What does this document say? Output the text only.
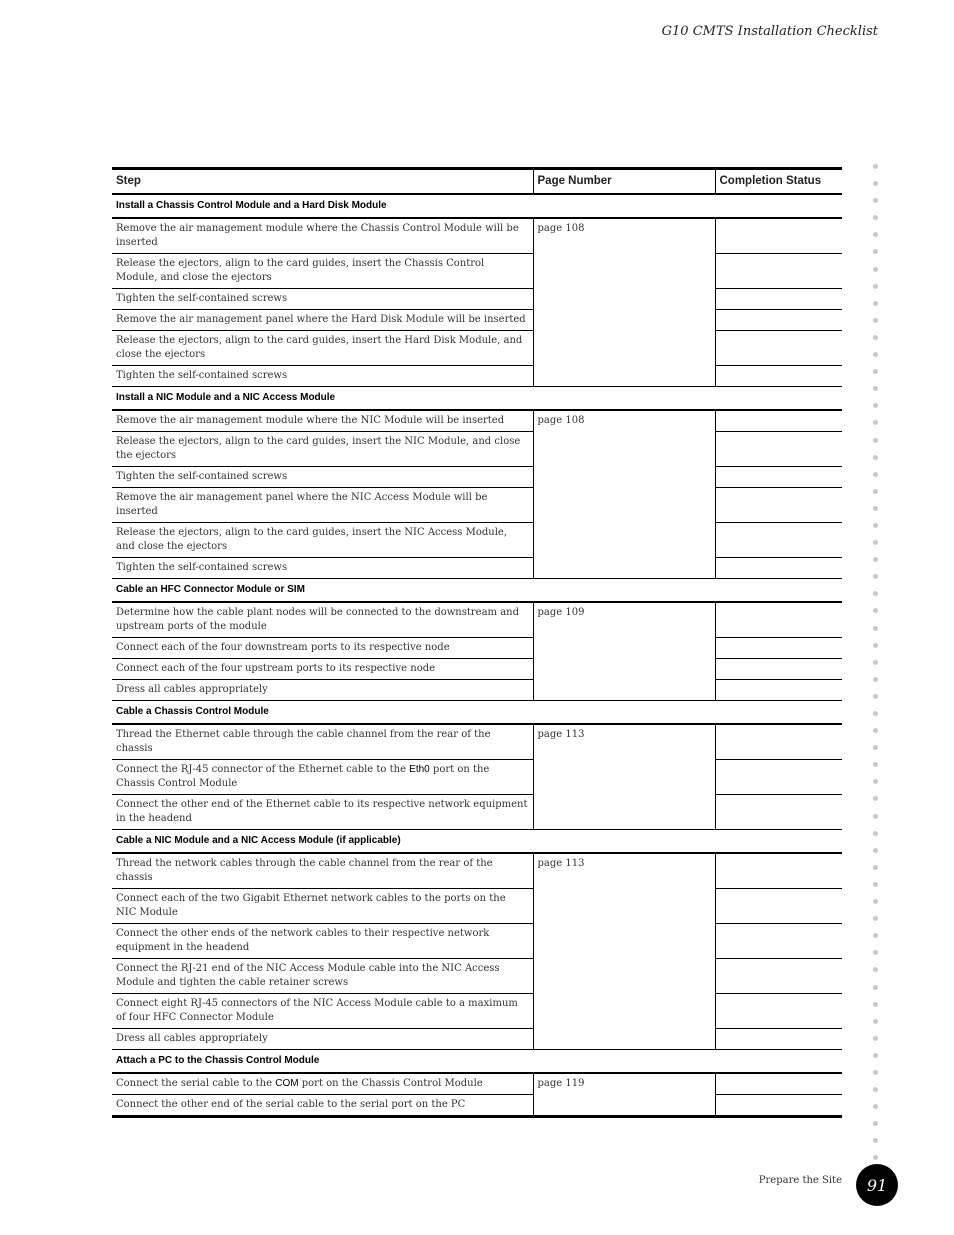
G10 CMTS Installation Checklist
Step	Page Number	Completion Status
Install a Chassis Control Module and a Hard Disk Module		
Remove the air management module where the Chassis Control Module will be inserted	page 108	
Release the ejectors, align to the card guides, insert the Chassis Control Module, and close the ejectors		
Tighten the self-contained screws		
Remove the air management panel where the Hard Disk Module will be inserted		
Release the ejectors, align to the card guides, insert the Hard Disk Module, and close the ejectors		
Tighten the self-contained screws		
Install a NIC Module and a NIC Access Module		
Remove the air management module where the NIC Module will be inserted	page 108	
Release the ejectors, align to the card guides, insert the NIC Module, and close the ejectors		
Tighten the self-contained screws		
Remove the air management panel where the NIC Access Module will be inserted		
Release the ejectors, align to the card guides, insert the NIC Access Module, and close the ejectors		
Tighten the self-contained screws		
Cable an HFC Connector Module or SIM		
Determine how the cable plant nodes will be connected to the downstream and upstream ports of the module	page 109	
Connect each of the four downstream ports to its respective node		
Connect each of the four upstream ports to its respective node		
Dress all cables appropriately		
Cable a Chassis Control Module		
Thread the Ethernet cable through the cable channel from the rear of the chassis	page 113	
Connect the RJ-45 connector of the Ethernet cable to the Eth0 port on the Chassis Control Module		
Connect the other end of the Ethernet cable to its respective network equipment in the headend		
Cable a NIC Module and a NIC Access Module (if applicable)		
Thread the network cables through the cable channel from the rear of the chassis	page 113	
Connect each of the two Gigabit Ethernet network cables to the ports on the NIC Module		
Connect the other ends of the network cables to their respective network equipment in the headend		
Connect the RJ-21 end of the NIC Access Module cable into the NIC Access Module and tighten the cable retainer screws		
Connect eight RJ-45 connectors of the NIC Access Module cable to a maximum of four HFC Connector Module		
Dress all cables appropriately		
Attach a PC to the Chassis Control Module		
Connect the serial cable to the COM port on the Chassis Control Module	page 119	
Connect the other end of the serial cable to the serial port on the PC		
Prepare the Site	91
